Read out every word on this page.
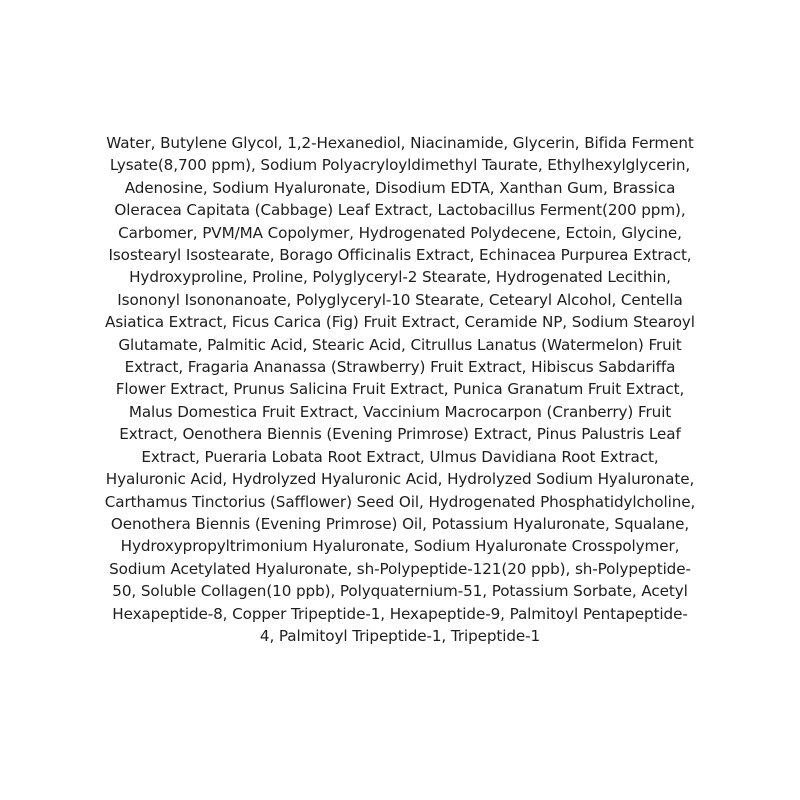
Water, Butylene Glycol, 1,2-Hexanediol, Niacinamide, Glycerin, Bifida Ferment
Lysate(8,700 ppm), Sodium Polyacryloyldimethyl Taurate, Ethylhexylglycerin,
Adenosine, Sodium Hyaluronate, Disodium EDTA, Xanthan Gum, Brassica
Oleracea Capitata (Cabbage) Leaf Extract, Lactobacillus Ferment(200 ppm),
Carbomer, PVM/MA Copolymer, Hydrogenated Polydecene, Ectoin, Glycine,
Isostearyl Isostearate, Borago Officinalis Extract, Echinacea Purpurea Extract,
Hydroxyproline, Proline, Polyglyceryl-2 Stearate, Hydrogenated Lecithin,
Isononyl Isononanoate, Polyglyceryl-10 Stearate, Cetearyl Alcohol, Centella
Asiatica Extract, Ficus Carica (Fig) Fruit Extract, Ceramide NP, Sodium Stearoyl
Glutamate, Palmitic Acid, Stearic Acid, Citrullus Lanatus (Watermelon) Fruit
Extract, Fragaria Ananassa (Strawberry) Fruit Extract, Hibiscus Sabdariffa
Flower Extract, Prunus Salicina Fruit Extract, Punica Granatum Fruit Extract,
Malus Domestica Fruit Extract, Vaccinium Macrocarpon (Cranberry) Fruit
Extract, Oenothera Biennis (Evening Primrose) Extract, Pinus Palustris Leaf
Extract, Pueraria Lobata Root Extract, Ulmus Davidiana Root Extract,
Hyaluronic Acid, Hydrolyzed Hyaluronic Acid, Hydrolyzed Sodium Hyaluronate,
Carthamus Tinctorius (Safflower) Seed Oil, Hydrogenated Phosphatidylcholine,
Oenothera Biennis (Evening Primrose) Oil, Potassium Hyaluronate, Squalane,
Hydroxypropyltrimonium Hyaluronate, Sodium Hyaluronate Crosspolymer,
Sodium Acetylated Hyaluronate, sh-Polypeptide-121(20 ppb), sh-Polypeptide-
50, Soluble Collagen(10 ppb), Polyquaternium-51, Potassium Sorbate, Acetyl
Hexapeptide-8, Copper Tripeptide-1, Hexapeptide-9, Palmitoyl Pentapeptide-
4, Palmitoyl Tripeptide-1, Tripeptide-1
